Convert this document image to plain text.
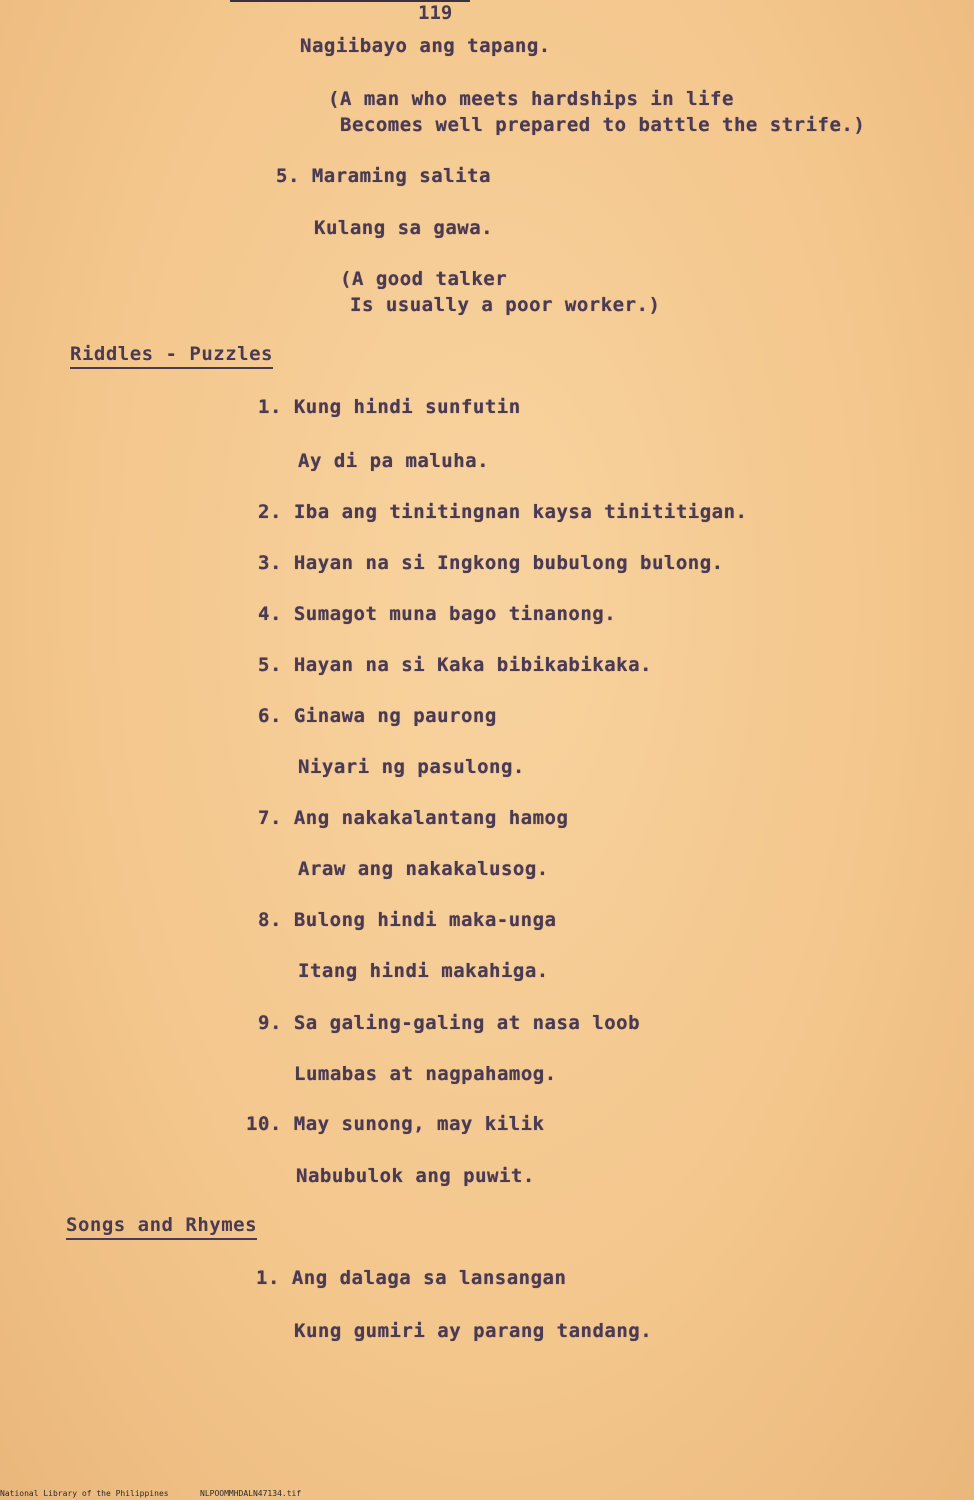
119
Nagiibayo ang tapang.
(A man who meets hardships in life
Becomes well prepared to battle the strife.)
5. Maraming salita
Kulang sa gawa.
(A good talker
Is usually a poor worker.)
Riddles - Puzzles
1. Kung hindi sunfutin
Ay di pa maluha.
2. Iba ang tinitingnan kaysa tinititigan.
3. Hayan na si Ingkong bubulong bulong.
4. Sumagot muna bago tinanong.
5. Hayan na si Kaka bibikabikaka.
6. Ginawa ng paurong
Niyari ng pasulong.
7. Ang nakakalantang hamog
Araw ang nakakalusog.
8. Bulong hindi maka-unga
Itang hindi makahiga.
9. Sa galing-galing at nasa loob
Lumabas at nagpahamog.
10. May sunong, may kilik
Nabubulok ang puwit.
Songs and Rhymes
1. Ang dalaga sa lansangan
Kung gumiri ay parang tandang.
National Library of the Philippines	NLPOOMMHDALN47134.tif
